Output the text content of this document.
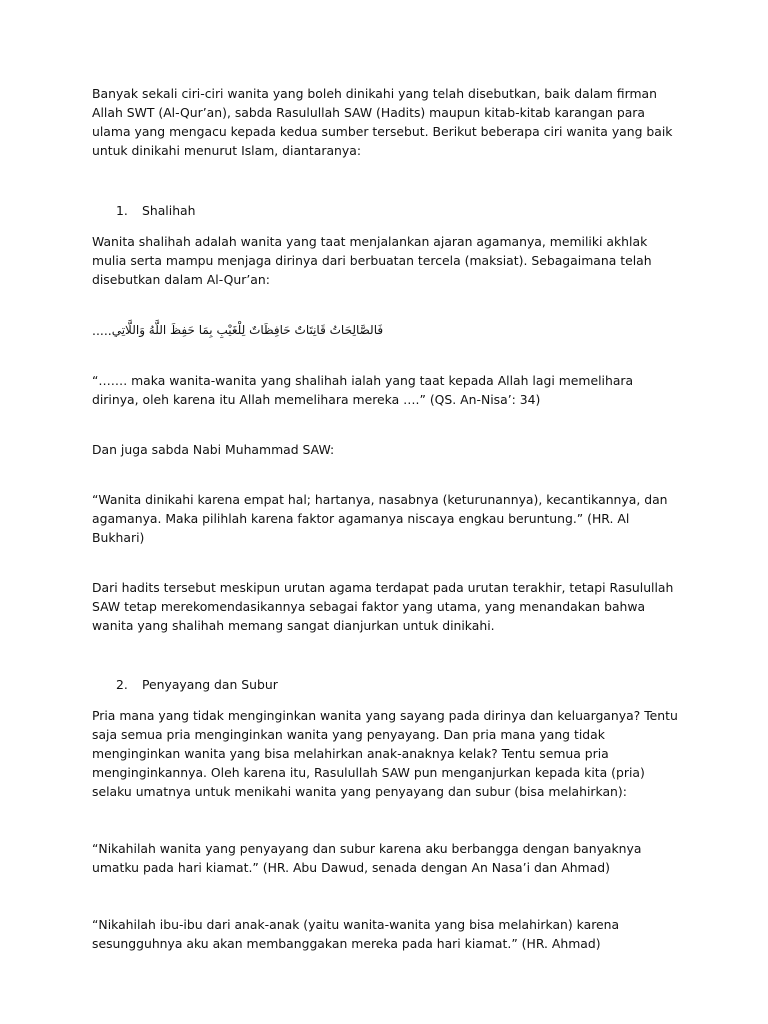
Banyak sekali ciri-ciri wanita yang boleh dinikahi yang telah disebutkan, baik dalam firman Allah SWT (Al-Qur’an), sabda Rasulullah SAW (Hadits) maupun kitab-kitab karangan para ulama yang mengacu kepada kedua sumber tersebut. Berikut beberapa ciri wanita yang baik untuk dinikahi menurut Islam, diantaranya:

1.	Shalihah

Wanita shalihah adalah wanita yang taat menjalankan ajaran agamanya, memiliki akhlak mulia serta mampu menjaga dirinya dari berbuatan tercela (maksiat). Sebagaimana telah disebutkan dalam Al-Qur’an:

..... فَالصَّالِحَاتُ قَانِتَاتٌ حَافِظَاتٌ لِلْغَيْبِ بِمَا حَفِظَ اللَّهُ وَاللَّاتِي

“……. maka wanita-wanita yang shalihah ialah yang taat kepada Allah lagi memelihara dirinya, oleh karena itu Allah memelihara mereka ….” (QS. An-Nisa’: 34)

Dan juga sabda Nabi Muhammad SAW:

“Wanita dinikahi karena empat hal; hartanya, nasabnya (keturunannya), kecantikannya, dan agamanya. Maka pilihlah karena faktor agamanya niscaya engkau beruntung.” (HR. Al Bukhari)

Dari hadits tersebut meskipun urutan agama terdapat pada urutan terakhir, tetapi Rasulullah SAW tetap merekomendasikannya sebagai faktor yang utama, yang menandakan bahwa wanita yang shalihah memang sangat dianjurkan untuk dinikahi.

2.	Penyayang dan Subur

Pria mana yang tidak menginginkan wanita yang sayang pada dirinya dan keluarganya? Tentu saja semua pria menginginkan wanita yang penyayang. Dan pria mana yang tidak menginginkan wanita yang bisa melahirkan anak-anaknya kelak? Tentu semua pria menginginkannya. Oleh karena itu, Rasulullah SAW pun menganjurkan kepada kita (pria) selaku umatnya untuk menikahi wanita yang penyayang dan subur (bisa melahirkan):

“Nikahilah wanita yang penyayang dan subur karena aku berbangga dengan banyaknya umatku pada hari kiamat.” (HR. Abu Dawud, senada dengan An Nasa’i dan Ahmad)

“Nikahilah ibu-ibu dari anak-anak (yaitu wanita-wanita yang bisa melahirkan) karena sesungguhnya aku akan membanggakan mereka pada hari kiamat.” (HR. Ahmad)
